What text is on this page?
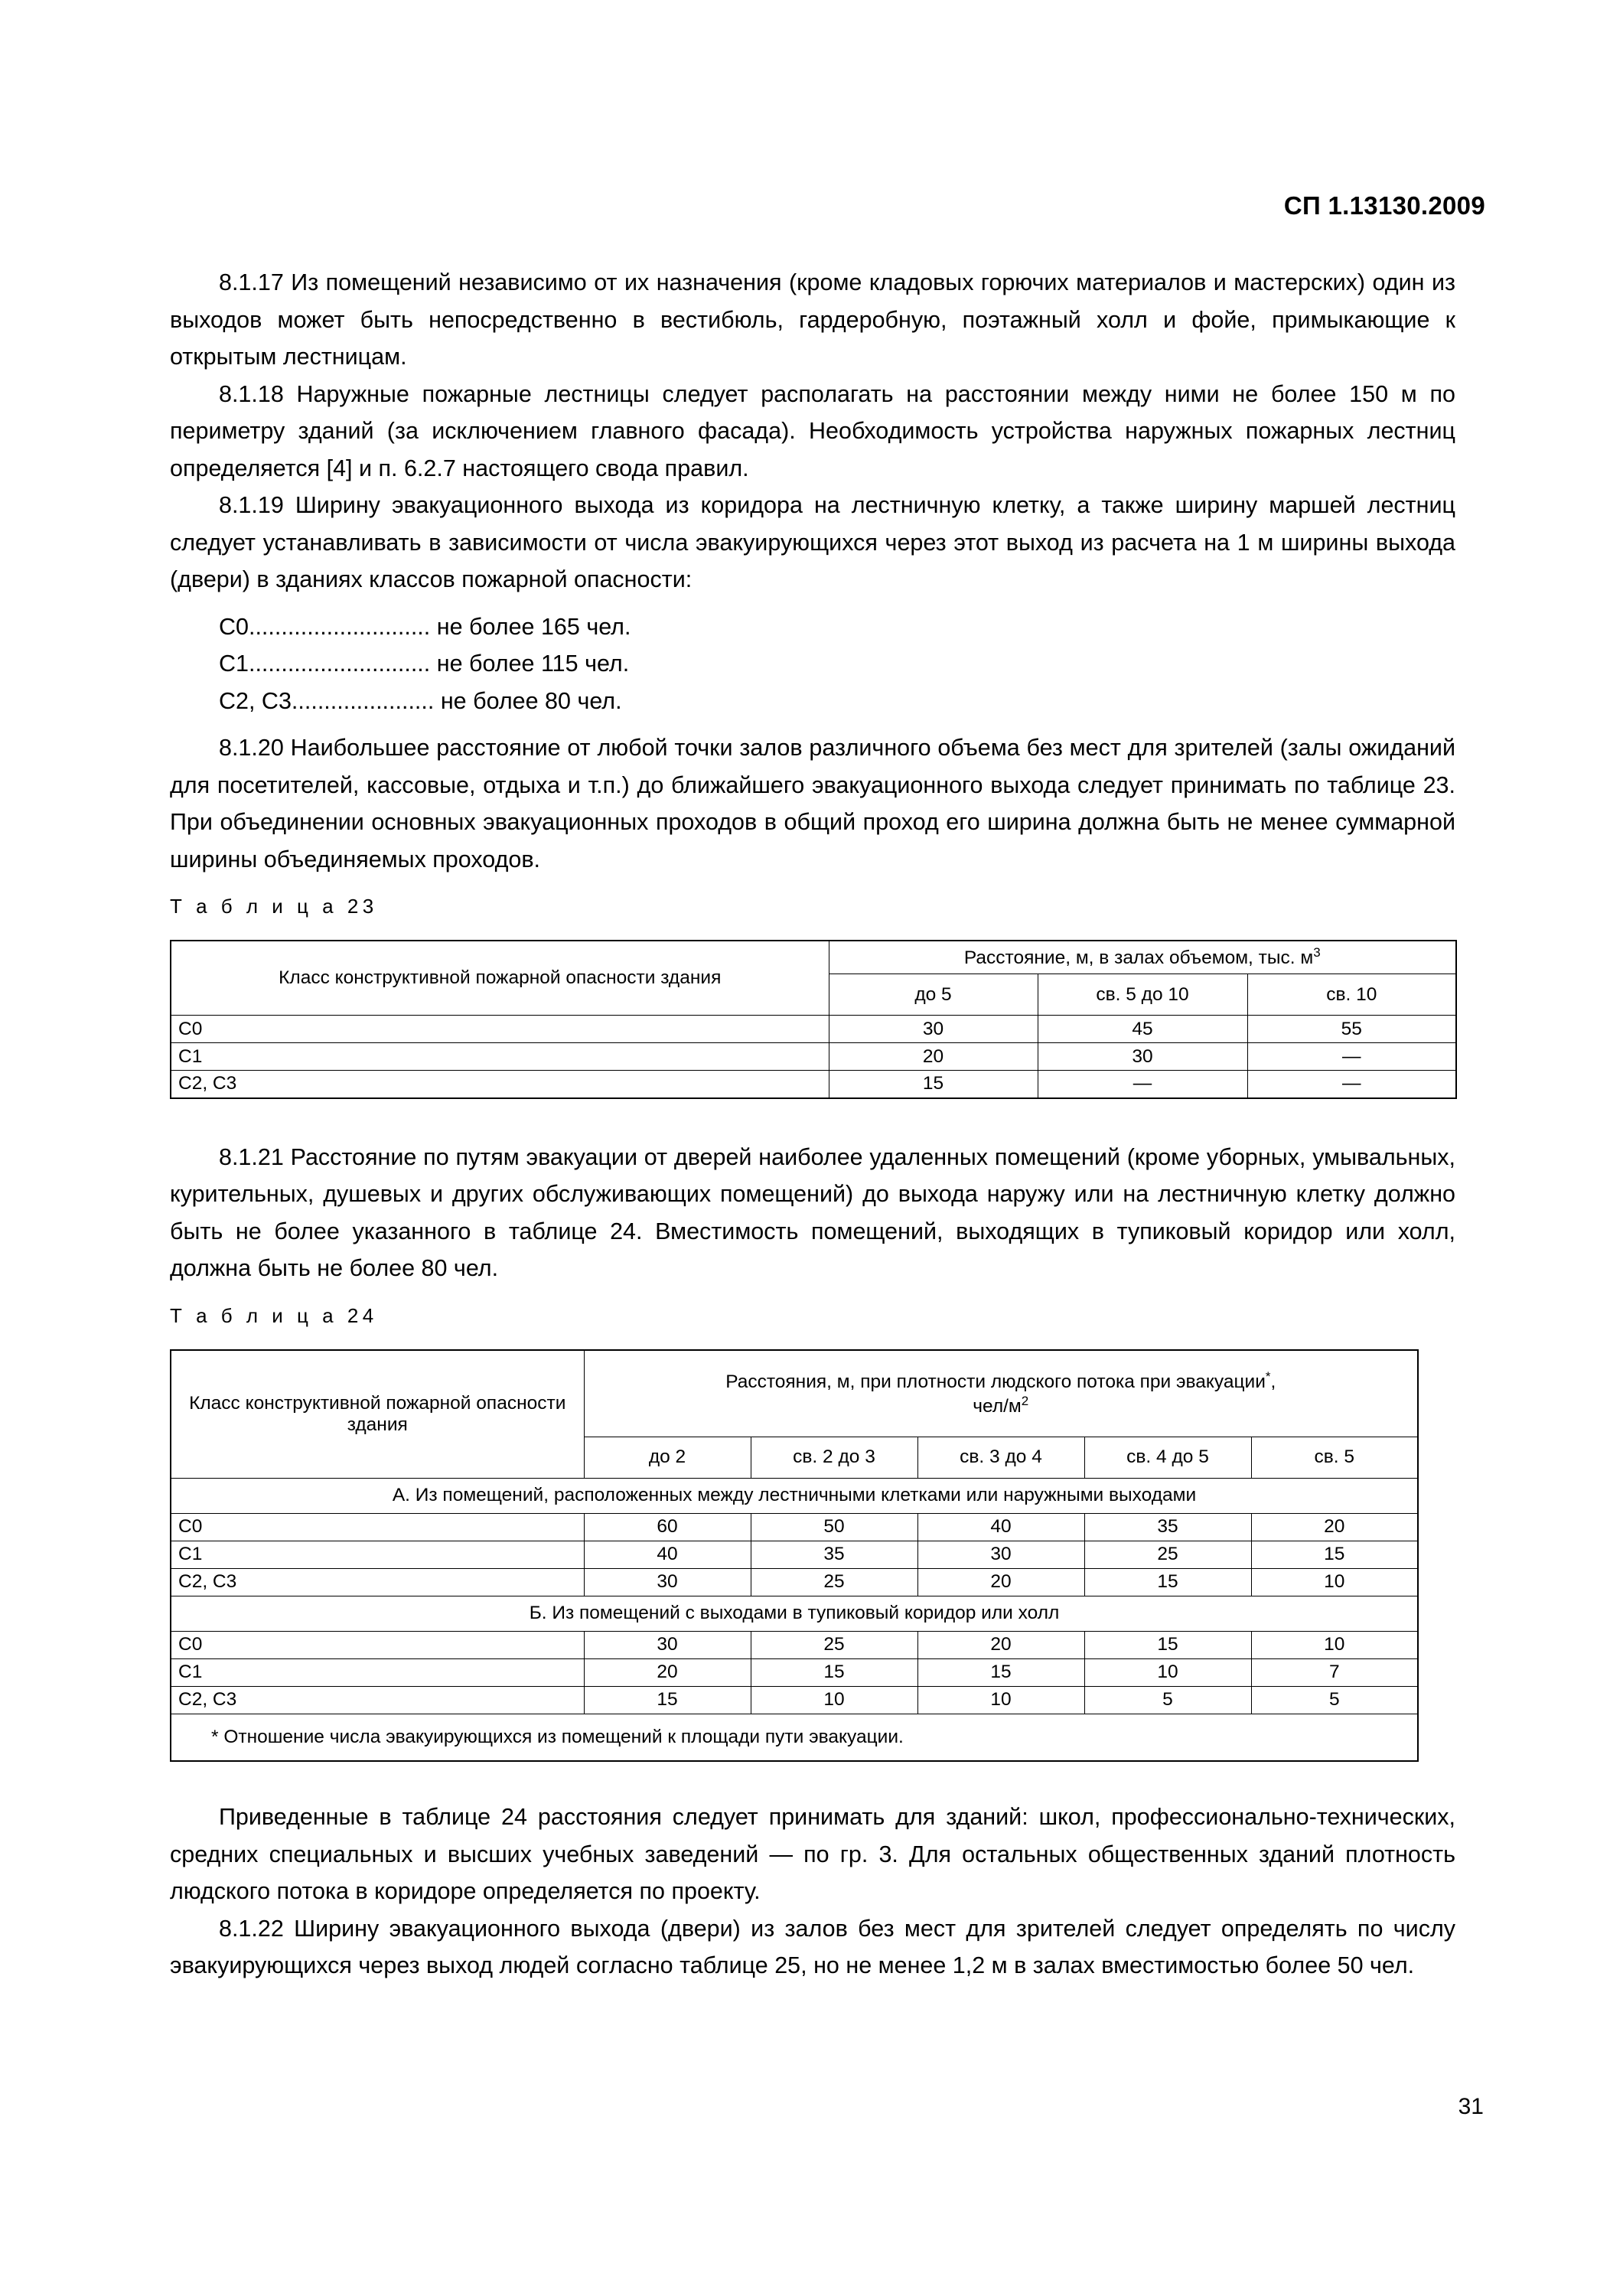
СП 1.13130.2009

8.1.17 Из помещений независимо от их назначения (кроме кладовых горючих материалов и мастерских) один из выходов может быть непосредственно в вестибюль, гардеробную, поэтажный холл и фойе, примыкающие к открытым лестницам.

8.1.18 Наружные пожарные лестницы следует располагать на расстоянии между ними не более 150 м по периметру зданий (за исключением главного фасада). Необходимость устройства наружных пожарных лестниц определяется [4] и п. 6.2.7 настоящего свода правил.

8.1.19 Ширину эвакуационного выхода из коридора на лестничную клетку, а также ширину маршей лестниц следует устанавливать в зависимости от числа эвакуирующихся через этот выход из расчета на 1 м ширины выхода (двери) в зданиях классов пожарной опасности:

С0............................ не более 165 чел.
С1............................ не более 115 чел.
С2, С3...................... не более 80 чел.

8.1.20 Наибольшее расстояние от любой точки залов различного объема без мест для зрителей (залы ожиданий для посетителей, кассовые, отдыха и т.п.) до ближайшего эвакуационного выхода следует принимать по таблице 23. При объединении основных эвакуационных проходов в общий проход его ширина должна быть не менее суммарной ширины объединяемых проходов.

Т а б л и ц а 23
Класс конструктивной пожарной опасности здания	Расстояние, м, в залах объемом, тыс. $м^3$
	до 5	св. 5 до 10	св. 10
С0	30	45	55
С1	20	30	—
С2, С3	15	—	—

8.1.21 Расстояние по путям эвакуации от дверей наиболее удаленных помещений (кроме уборных, умывальных, курительных, душевых и других обслуживающих помещений) до выхода наружу или на лестничную клетку должно быть не более указанного в таблице 24. Вместимость помещений, выходящих в тупиковый коридор или холл, должна быть не более 80 чел.

Т а б л и ц а 24
Класс конструктивной пожарной опасности здания	Расстояния, м, при плотности людского потока при эвакуации*,
чел/$м^2$
	до 2	св. 2 до 3	св. 3 до 4	св. 4 до 5	св. 5
А. Из помещений, расположенных между лестничными клетками или наружными выходами					
С0	60	50	40	35	20
С1	40	35	30	25	15
С2, С3	30	25	20	15	10
Б. Из помещений с выходами в тупиковый коридор или холл					
С0	30	25	20	15	10
С1	20	15	15	10	7
С2, С3	15	10	10	5	5
* Отношение числа эвакуирующихся из помещений к площади пути эвакуации.					

Приведенные в таблице 24 расстояния следует принимать для зданий: школ, профессионально-технических, средних специальных и высших учебных заведений — по гр. 3. Для остальных общественных зданий плотность людского потока в коридоре определяется по проекту.

8.1.22 Ширину эвакуационного выхода (двери) из залов без мест для зрителей следует определять по числу эвакуирующихся через выход людей согласно таблице 25, но не менее 1,2 м в залах вместимостью более 50 чел.

31
